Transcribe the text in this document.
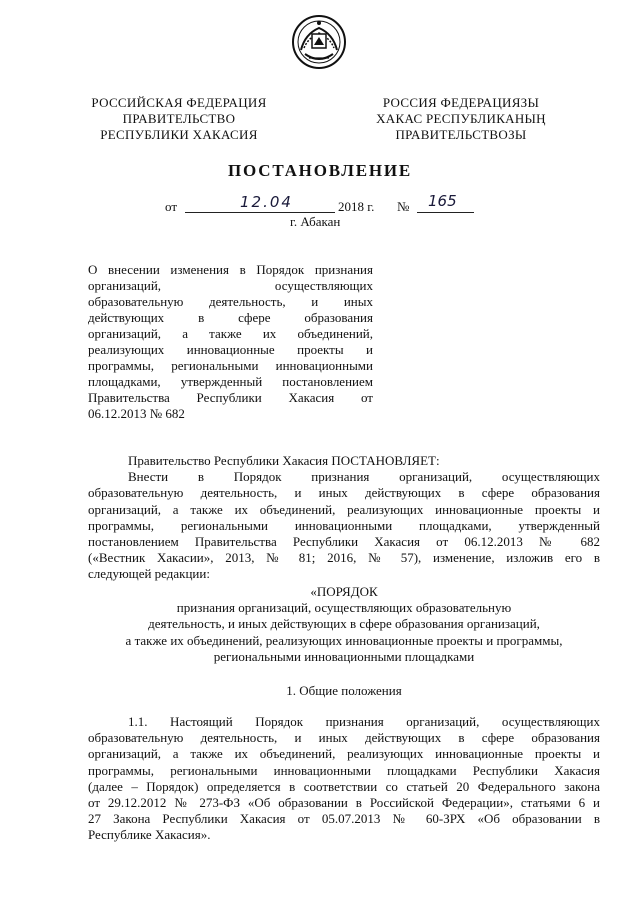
РОССИЙСКАЯ ФЕДЕРАЦИЯ
ПРАВИТЕЛЬСТВО
РЕСПУБЛИКИ ХАКАСИЯ
РОССИЯ ФЕДЕРАЦИЯЗЫ
ХАКАС РЕСПУБЛИКАНЫҢ
ПРАВИТЕЛЬСТВОЗЫ
ПОСТАНОВЛЕНИЕ
от	12.04	2018 г. № 165
г. Абакан
О внесении изменения в Порядок признания
организаций, осуществляющих
образовательную деятельность, и иных
действующих в сфере образования
организаций, а также их объединений,
реализующих инновационные проекты и
программы, региональными инновационными
площадками, утвержденный постановлением
Правительства Республики Хакасия от
06.12.2013 № 682
Правительство Республики Хакасия ПОСТАНОВЛЯЕТ:
Внести в Порядок признания организаций, осуществляющих
образовательную деятельность, и иных действующих в сфере образования
организаций, а также их объединений, реализующих инновационные проекты и
программы, региональными инновационными площадками, утвержденный
постановлением Правительства Республики Хакасия от 06.12.2013 № 682
(«Вестник Хакасии», 2013, № 81; 2016, № 57), изменение, изложив его в
следующей редакции:
«ПОРЯДОК
признания организаций, осуществляющих образовательную
деятельность, и иных действующих в сфере образования организаций,
а также их объединений, реализующих инновационные проекты и программы,
региональными инновационными площадками
1. Общие положения
1.1. Настоящий Порядок признания организаций, осуществляющих
образовательную деятельность, и иных действующих в сфере образования
организаций, а также их объединений, реализующих инновационные проекты и
программы, региональными инновационными площадками Республики Хакасия
(далее – Порядок) определяется в соответствии со статьей 20 Федерального закона
от 29.12.2012 № 273-ФЗ «Об образовании в Российской Федерации», статьями 6 и
27 Закона Республики Хакасия от 05.07.2013 № 60-ЗРХ «Об образовании в
Республике Хакасия».
